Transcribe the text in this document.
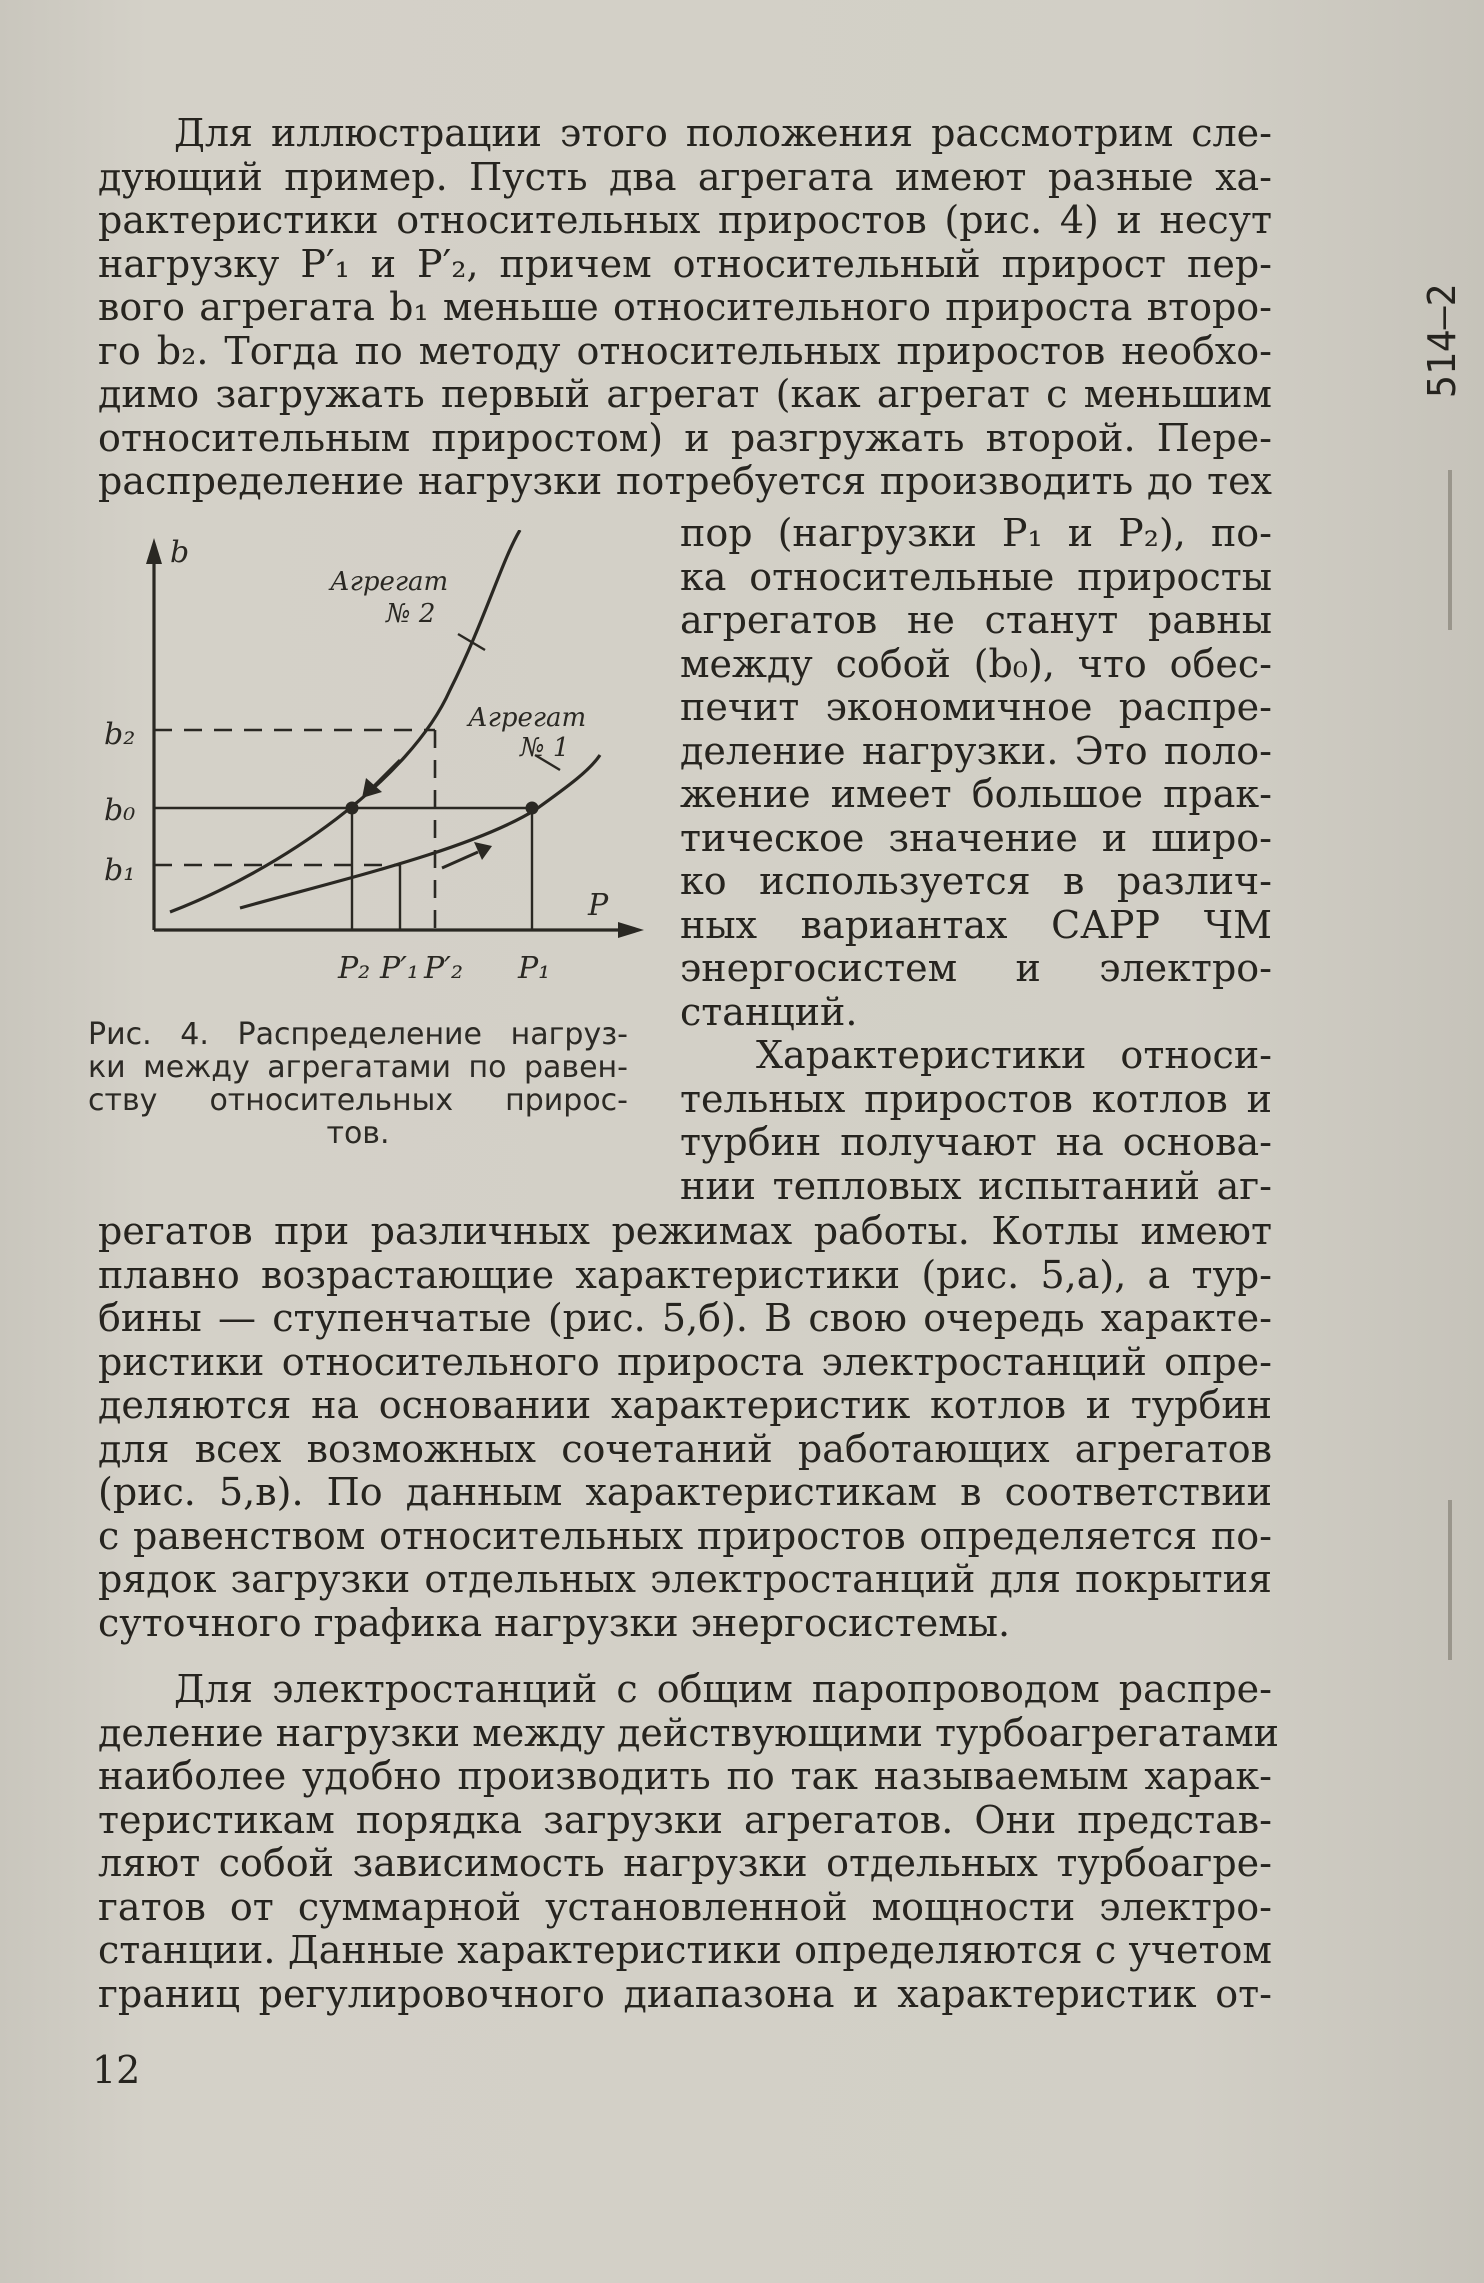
Для иллюстрации этого положения рассмотрим сле-
дующий пример. Пусть два агрегата имеют разные ха-
рактеристики относительных приростов (рис. 4) и несут
нагрузку P′₁ и P′₂, причем относительный прирост пер-
вого агрегата b₁ меньше относительного прироста второ-
го b₂. Тогда по методу относительных приростов необхо-
димо загружать первый агрегат (как агрегат с меньшим
относительным приростом) и разгружать второй. Пере-
распределение нагрузки потребуется производить до тех
пор (нагрузки P₁ и P₂), по-
ка относительные приросты
агрегатов не станут равны
между собой (b₀), что обес-
печит экономичное распре-
деление нагрузки. Это поло-
жение имеет большое прак-
тическое значение и широ-
ко используется в различ-
ных вариантах САРР ЧМ
энергосистем и электро-
станций.
Характеристики относи-
тельных приростов котлов и
турбин получают на основа-
нии тепловых испытаний аг-
b
P
Агрегат
№ 2
Агрегат
№ 1
b₂
b₀
b₁
P₂ P′₁ P′₂ P₁
Рис. 4. Распределение нагруз-
ки между агрегатами по равен-
ству относительных прирос-
тов.
регатов при различных режимах работы. Котлы имеют
плавно возрастающие характеристики (рис. 5,а), а тур-
бины — ступенчатые (рис. 5,б). В свою очередь характе-
ристики относительного прироста электростанций опре-
деляются на основании характеристик котлов и турбин
для всех возможных сочетаний работающих агрегатов
(рис. 5,в). По данным характеристикам в соответствии
с равенством относительных приростов определяется по-
рядок загрузки отдельных электростанций для покрытия
суточного графика нагрузки энергосистемы.
Для электростанций с общим паропроводом распре-
деление нагрузки между действующими турбоагрегатами
наиболее удобно производить по так называемым харак-
теристикам порядка загрузки агрегатов. Они представ-
ляют собой зависимость нагрузки отдельных турбоагре-
гатов от суммарной установленной мощности электро-
станции. Данные характеристики определяются с учетом
границ регулировочного диапазона и характеристик от-
12
514—2
